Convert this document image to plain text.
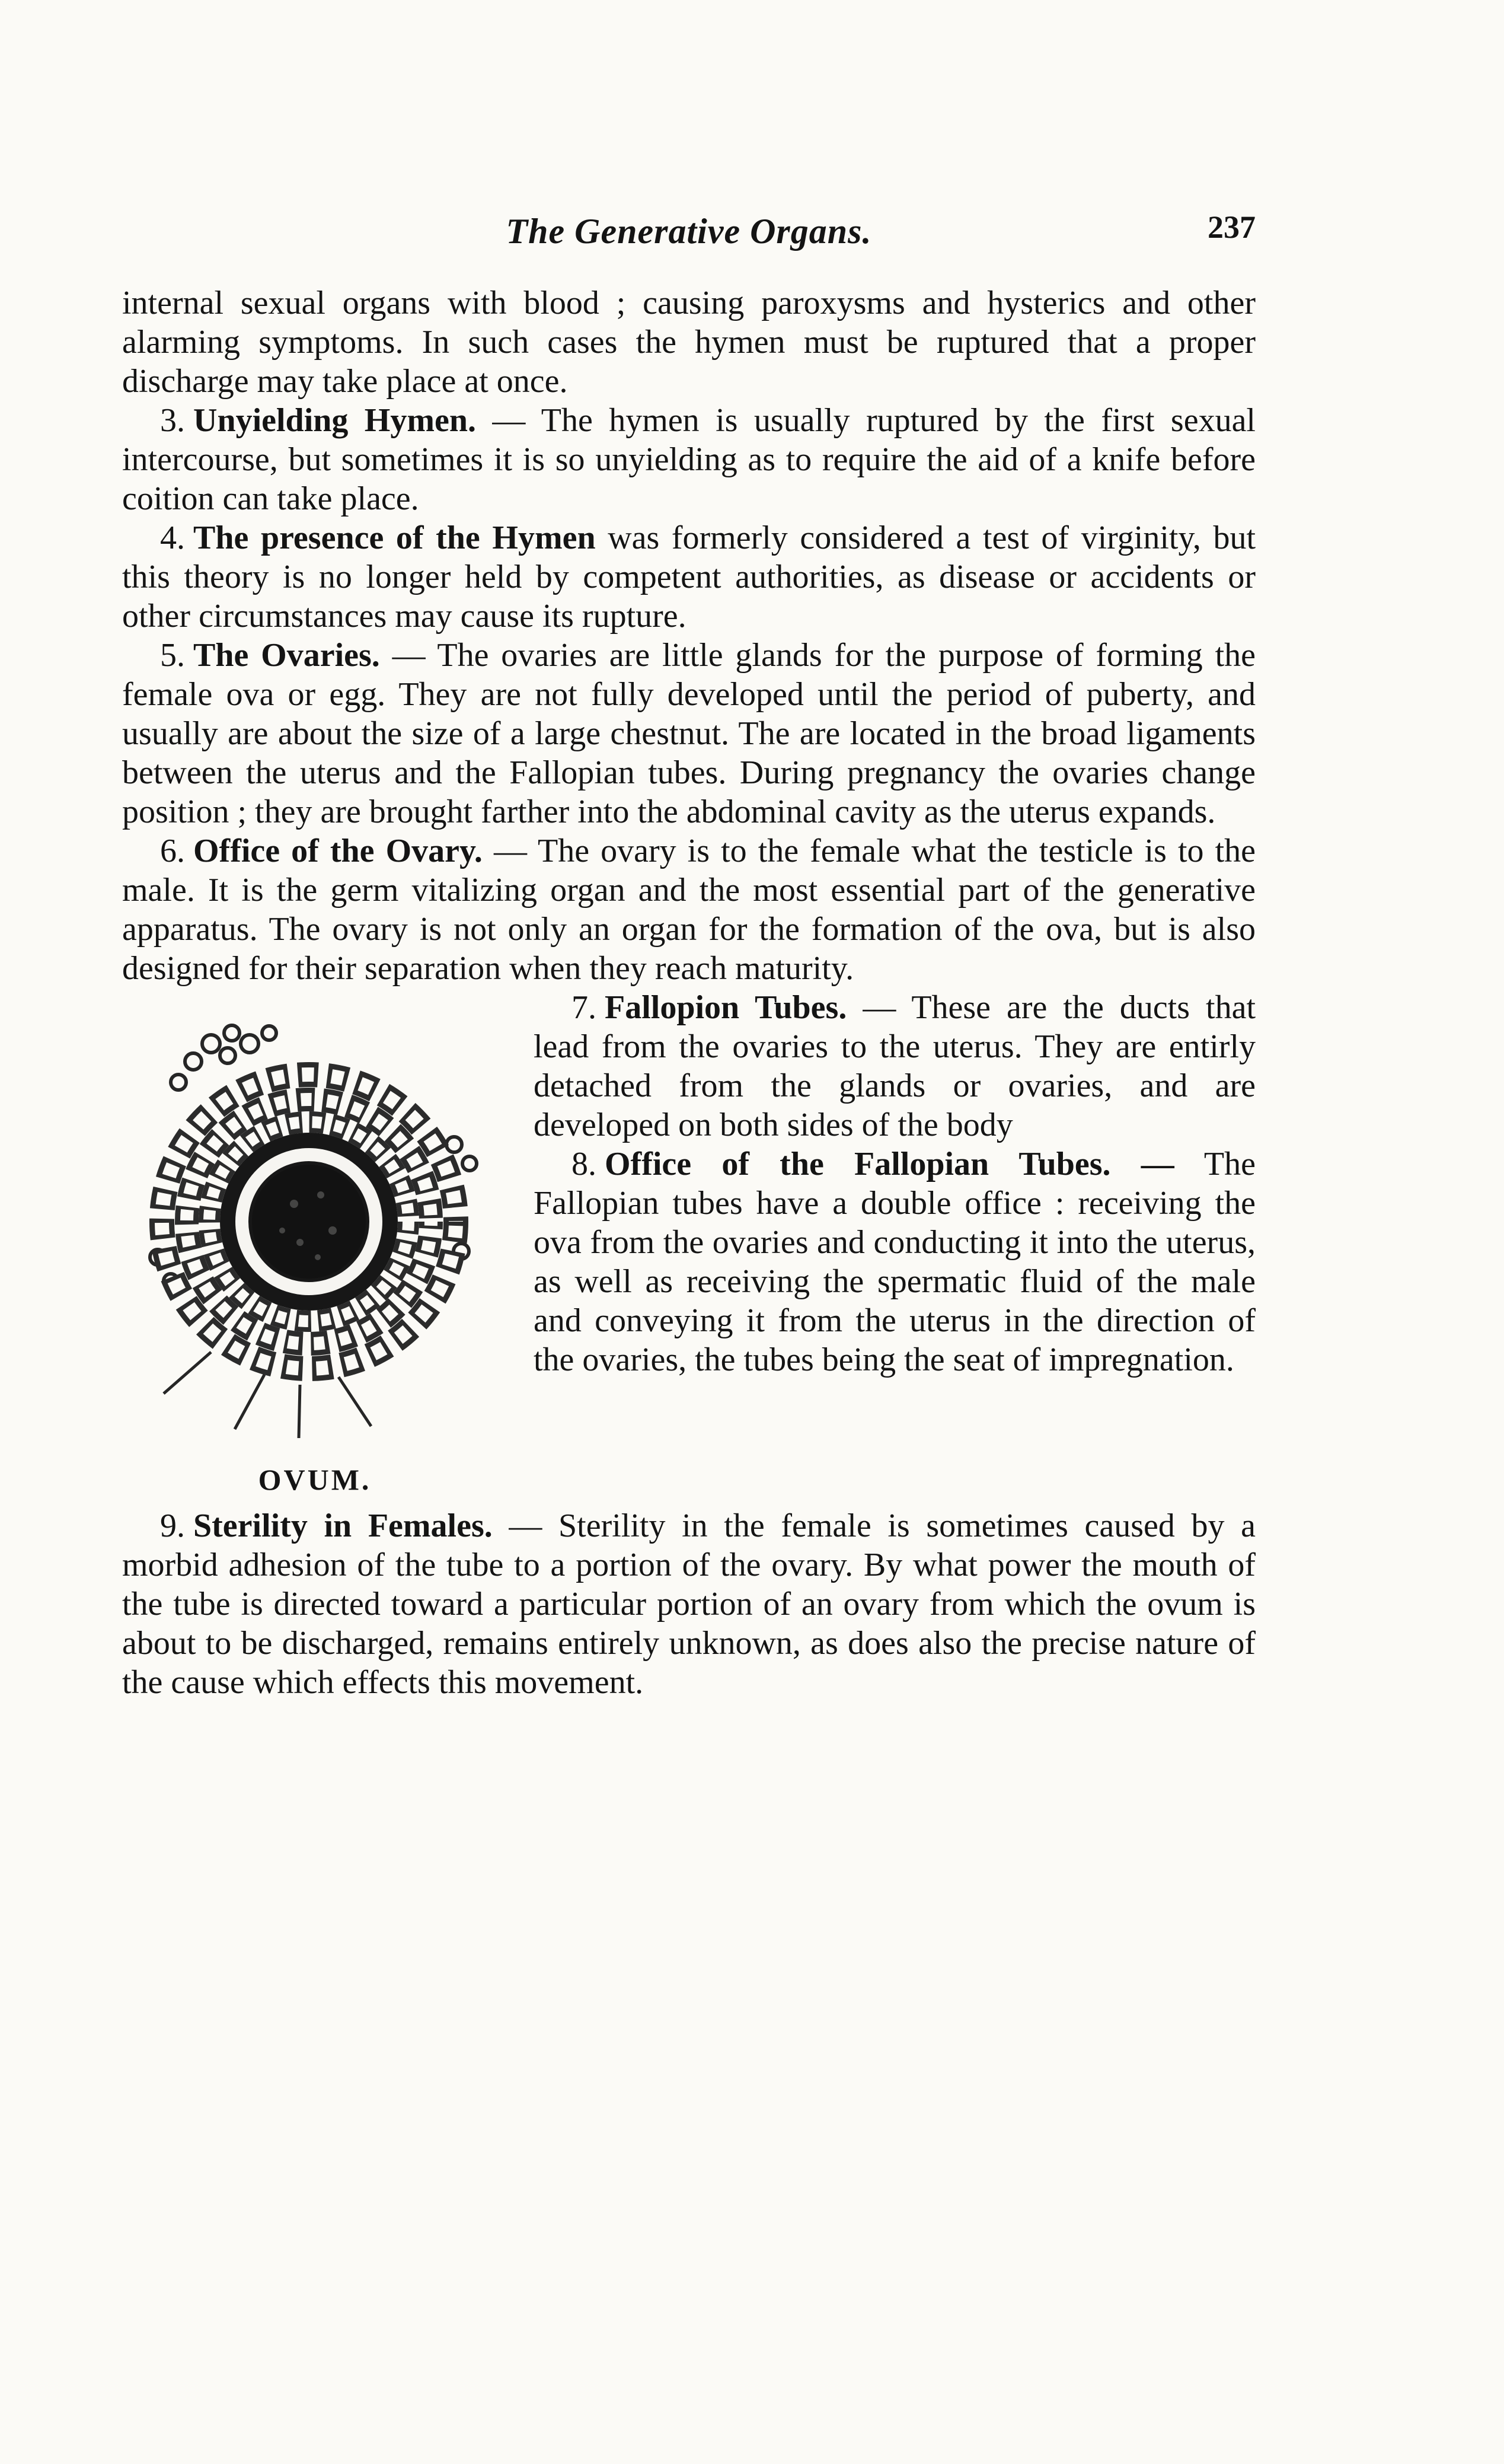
The Generative Organs.	237

internal sexual organs with blood ; causing paroxysms and hysterics and other alarming symptoms. In such cases the hymen must be ruptured that a proper discharge may take place at once.

3. Unyielding Hymen. — The hymen is usually ruptured by the first sexual intercourse, but sometimes it is so unyielding as to require the aid of a knife before coition can take place.

4. The presence of the Hymen was formerly considered a test of virginity, but this theory is no longer held by competent authorities, as disease or accidents or other circumstances may cause its rupture.

5. The Ovaries. — The ovaries are little glands for the purpose of forming the female ova or egg. They are not fully developed until the period of puberty, and usually are about the size of a large chestnut. The are located in the broad ligaments between the uterus and the Fallopian tubes. During pregnancy the ovaries change position ; they are brought farther into the abdominal cavity as the uterus expands.

6. Office of the Ovary. — The ovary is to the female what the testicle is to the male. It is the germ vitalizing organ and the most essential part of the generative apparatus. The ovary is not only an organ for the formation of the ova, but is also designed for their separation when they reach maturity.

OVUM.

7. Fallopion Tubes. — These are the ducts that lead from the ovaries to the uterus. They are entirly detached from the glands or ovaries, and are developed on both sides of the body

8. Office of the Fallopian Tubes. — The Fallopian tubes have a double office : receiving the ova from the ovaries and conducting it into the uterus, as well as receiving the spermatic fluid of the male and conveying it from the uterus in the direction of the ovaries, the tubes being the seat of impregnation.

9. Sterility in Females. — Sterility in the female is sometimes caused by a morbid adhesion of the tube to a portion of the ovary. By what power the mouth of the tube is directed toward a particular portion of an ovary from which the ovum is about to be discharged, remains entirely unknown, as does also the precise nature of the cause which effects this movement.
